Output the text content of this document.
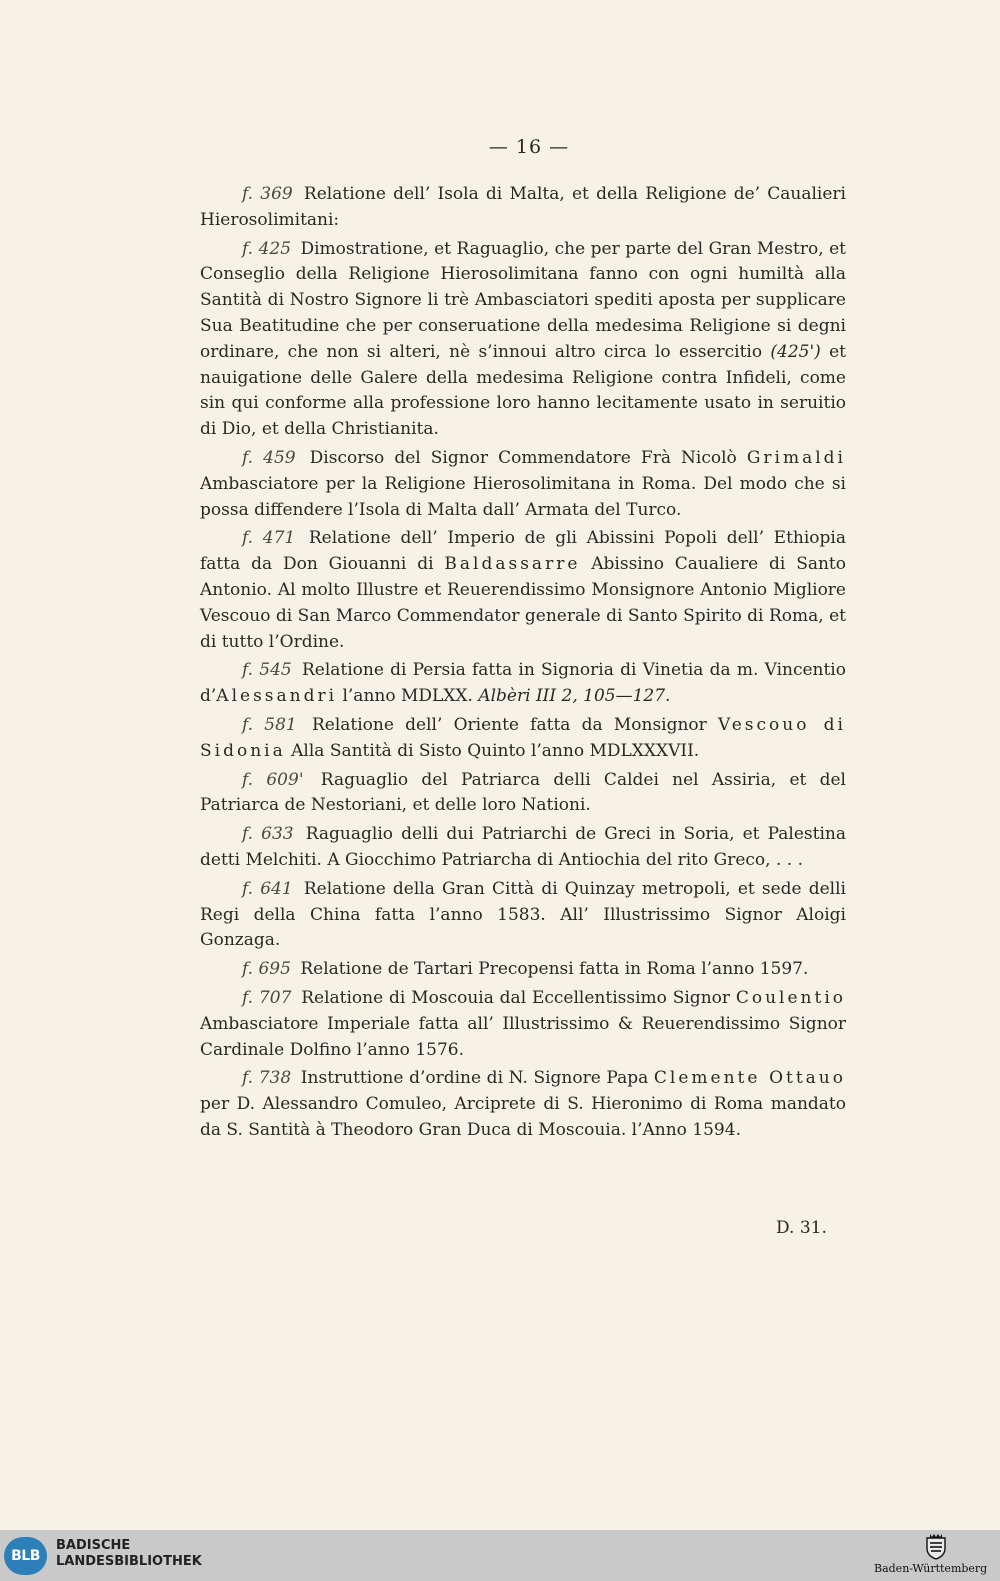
— 16 —

f. 369 Relatione dell’ Isola di Malta, et della Religione de’ Caualieri Hierosolimitani:

f. 425 Dimostratione, et Raguaglio, che per parte del Gran Mestro, et Conseglio della Religione Hierosolimitana fanno con ogni humiltà alla Santità di Nostro Signore li trè Ambasciatori spediti aposta per supplicare Sua Beatitudine che per conseruatione della medesima Religione si degni ordinare, che non si alteri, nè s’innoui altro circa lo essercitio (425') et nauigatione delle Galere della medesima Religione contra Infideli, come sin qui conforme alla professione loro hanno lecitamente usato in seruitio di Dio, et della Christianita.

f. 459 Discorso del Signor Commendatore Frà Nicolò Grimaldi Ambasciatore per la Religione Hierosolimitana in Roma. Del modo che si possa diffendere l’Isola di Malta dall’ Armata del Turco.

f. 471 Relatione dell’ Imperio de gli Abissini Popoli dell’ Ethiopia fatta da Don Giouanni di Baldassarre Abissino Caualiere di Santo Antonio. Al molto Illustre et Reuerendissimo Monsignore Antonio Migliore Vescouo di San Marco Commendator generale di Santo Spirito di Roma, et di tutto l’Ordine.

f. 545 Relatione di Persia fatta in Signoria di Vinetia da m. Vincentio d’Alessandri l’anno MDLXX. Albèri III 2, 105—127.

f. 581 Relatione dell’ Oriente fatta da Monsignor Vescouo di Sidonia Alla Santità di Sisto Quinto l’anno MDLXXXVII.

f. 609' Raguaglio del Patriarca delli Caldei nel Assiria, et del Patriarca de Nestoriani, et delle loro Nationi.

f. 633 Raguaglio delli dui Patriarchi de Greci in Soria, et Palestina detti Melchiti. A Giocchimo Patriarcha di Antiochia del rito Greco, . . .

f. 641 Relatione della Gran Città di Quinzay metropoli, et sede delli Regi della China fatta l’anno 1583. All’ Illustrissimo Signor Aloigi Gonzaga.

f. 695 Relatione de Tartari Precopensi fatta in Roma l’anno 1597.

f. 707 Relatione di Moscouia dal Eccellentissimo Signor Coulentio Ambasciatore Imperiale fatta all’ Illustrissimo & Reuerendissimo Signor Cardinale Dolfino l’anno 1576.

f. 738 Instruttione d’ordine di N. Signore Papa Clemente Ottauo per D. Alessandro Comuleo, Arciprete di S. Hieronimo di Roma mandato da S. Santità à Theodoro Gran Duca di Moscouia. l’Anno 1594.

D. 31.
BLB
BADISCHE
LANDESBIBLIOTHEK	Baden-Württemberg
